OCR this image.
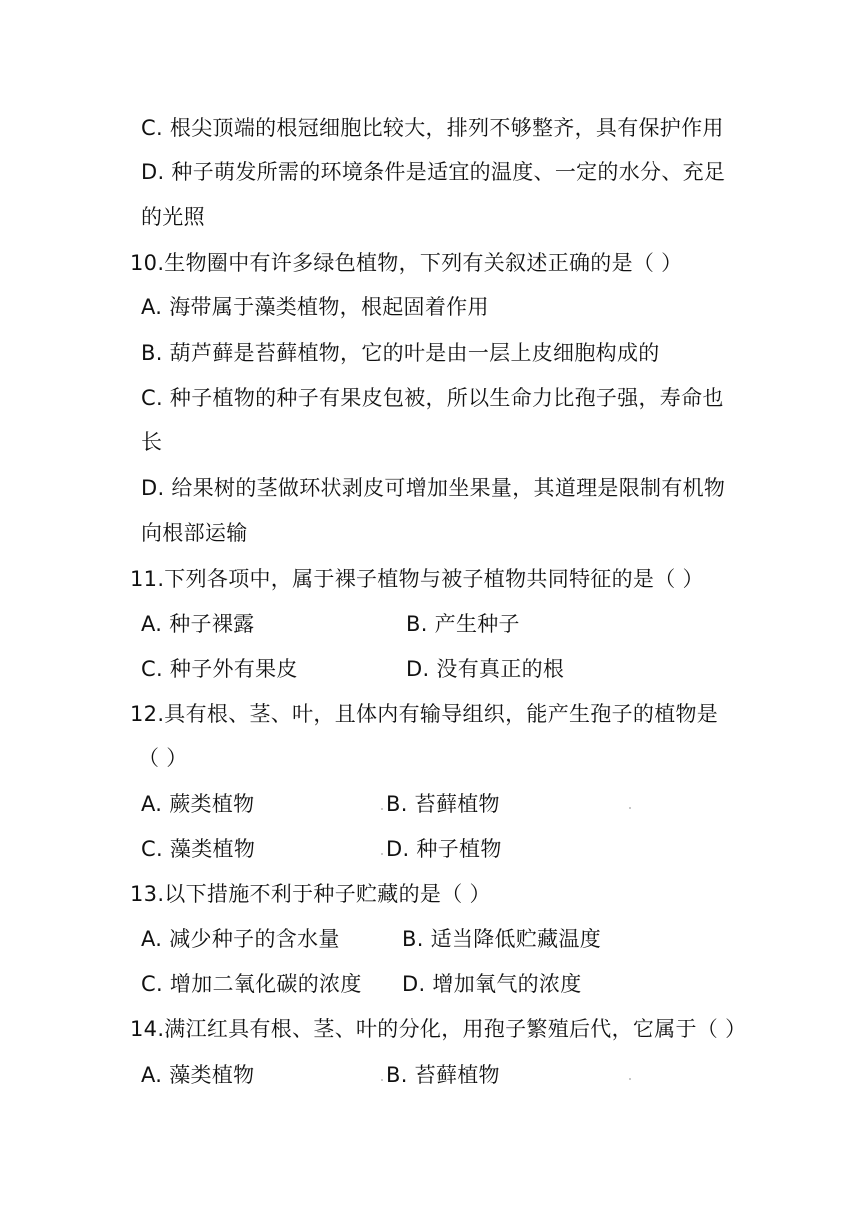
C. 根尖顶端的根冠细胞比较大，排列不够整齐，具有保护作用
D. 种子萌发所需的环境条件是适宜的温度、一定的水分、充足
的光照
10.生物圈中有许多绿色植物，下列有关叙述正确的是（ ）
A. 海带属于藻类植物，根起固着作用
B. 葫芦藓是苔藓植物，它的叶是由一层上皮细胞构成的
C. 种子植物的种子有果皮包被，所以生命力比孢子强，寿命也
长
D. 给果树的茎做环状剥皮可增加坐果量，其道理是限制有机物
向根部运输
11.下列各项中，属于裸子植物与被子植物共同特征的是（ ）
A. 种子裸露	B. 产生种子
C. 种子外有果皮	D. 没有真正的根
12.具有根、茎、叶，且体内有输导组织，能产生孢子的植物是
（ ）
A. 蕨类植物	B. 苔藓植物
C. 藻类植物	D. 种子植物
13.以下措施不利于种子贮藏的是（ ）
A. 减少种子的含水量	B. 适当降低贮藏温度
C. 增加二氧化碳的浓度 D. 增加氧气的浓度
14.满江红具有根、茎、叶的分化，用孢子繁殖后代，它属于（ ）
A. 藻类植物	B. 苔藓植物
